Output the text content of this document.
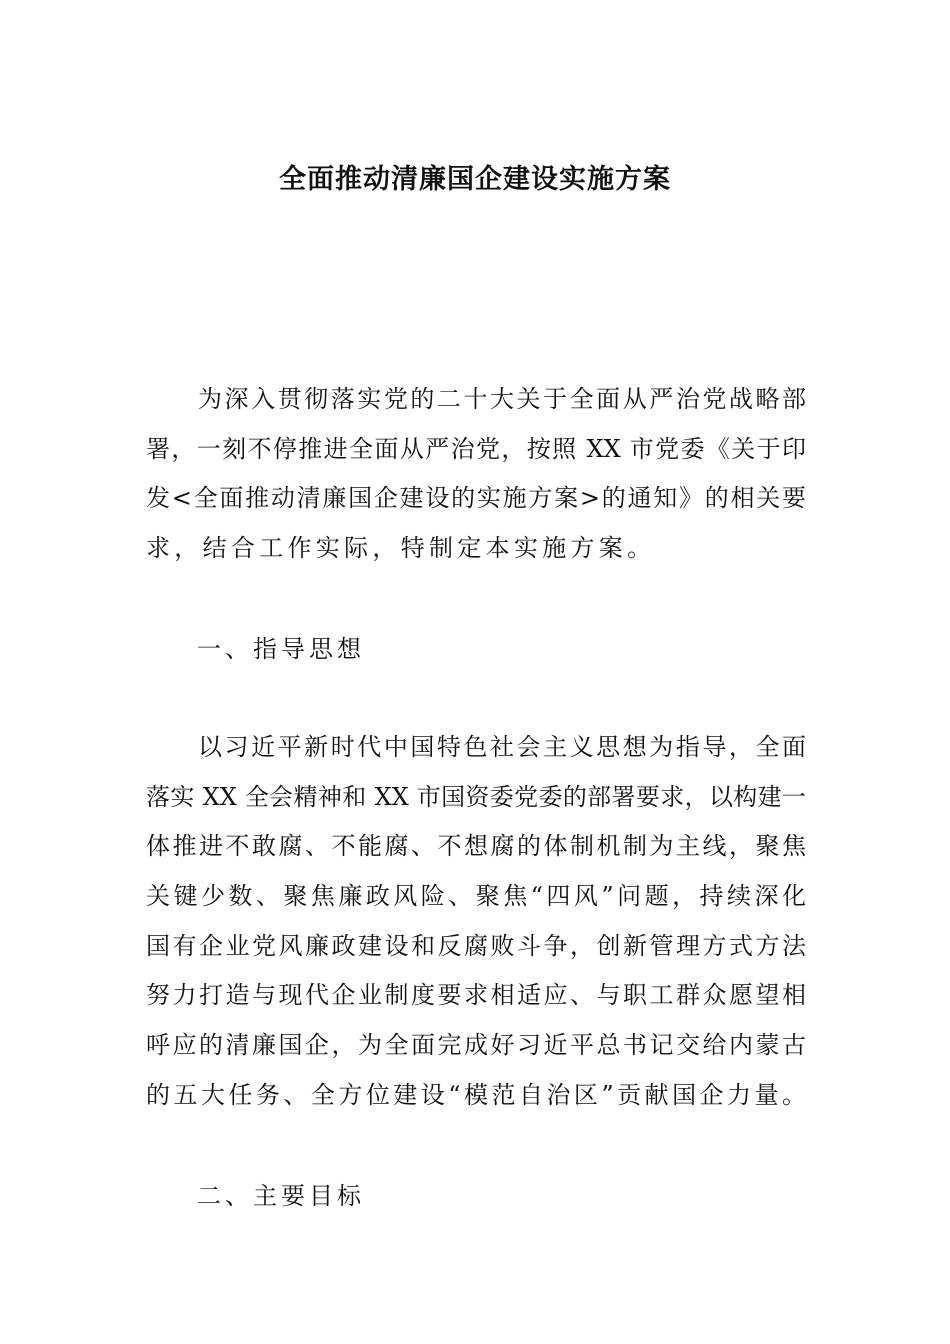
全面推动清廉国企建设实施方案
为深入贯彻落实党的二十大关于全面从严治党战略部
署，一刻不停推进全面从严治党，按照 XX 市党委《关于印
发<全面推动清廉国企建设的实施方案>的通知》的相关要
求，结合工作实际，特制定本实施方案。
一、指导思想
以习近平新时代中国特色社会主义思想为指导，全面
落实 XX 全会精神和 XX 市国资委党委的部署要求，以构建一
体推进不敢腐、不能腐、不想腐的体制机制为主线，聚焦
关键少数、聚焦廉政风险、聚焦“四风”问题，持续深化
国有企业党风廉政建设和反腐败斗争，创新管理方式方法
努力打造与现代企业制度要求相适应、与职工群众愿望相
呼应的清廉国企，为全面完成好习近平总书记交给内蒙古
的五大任务、全方位建设“模范自治区”贡献国企力量。
二、主要目标
